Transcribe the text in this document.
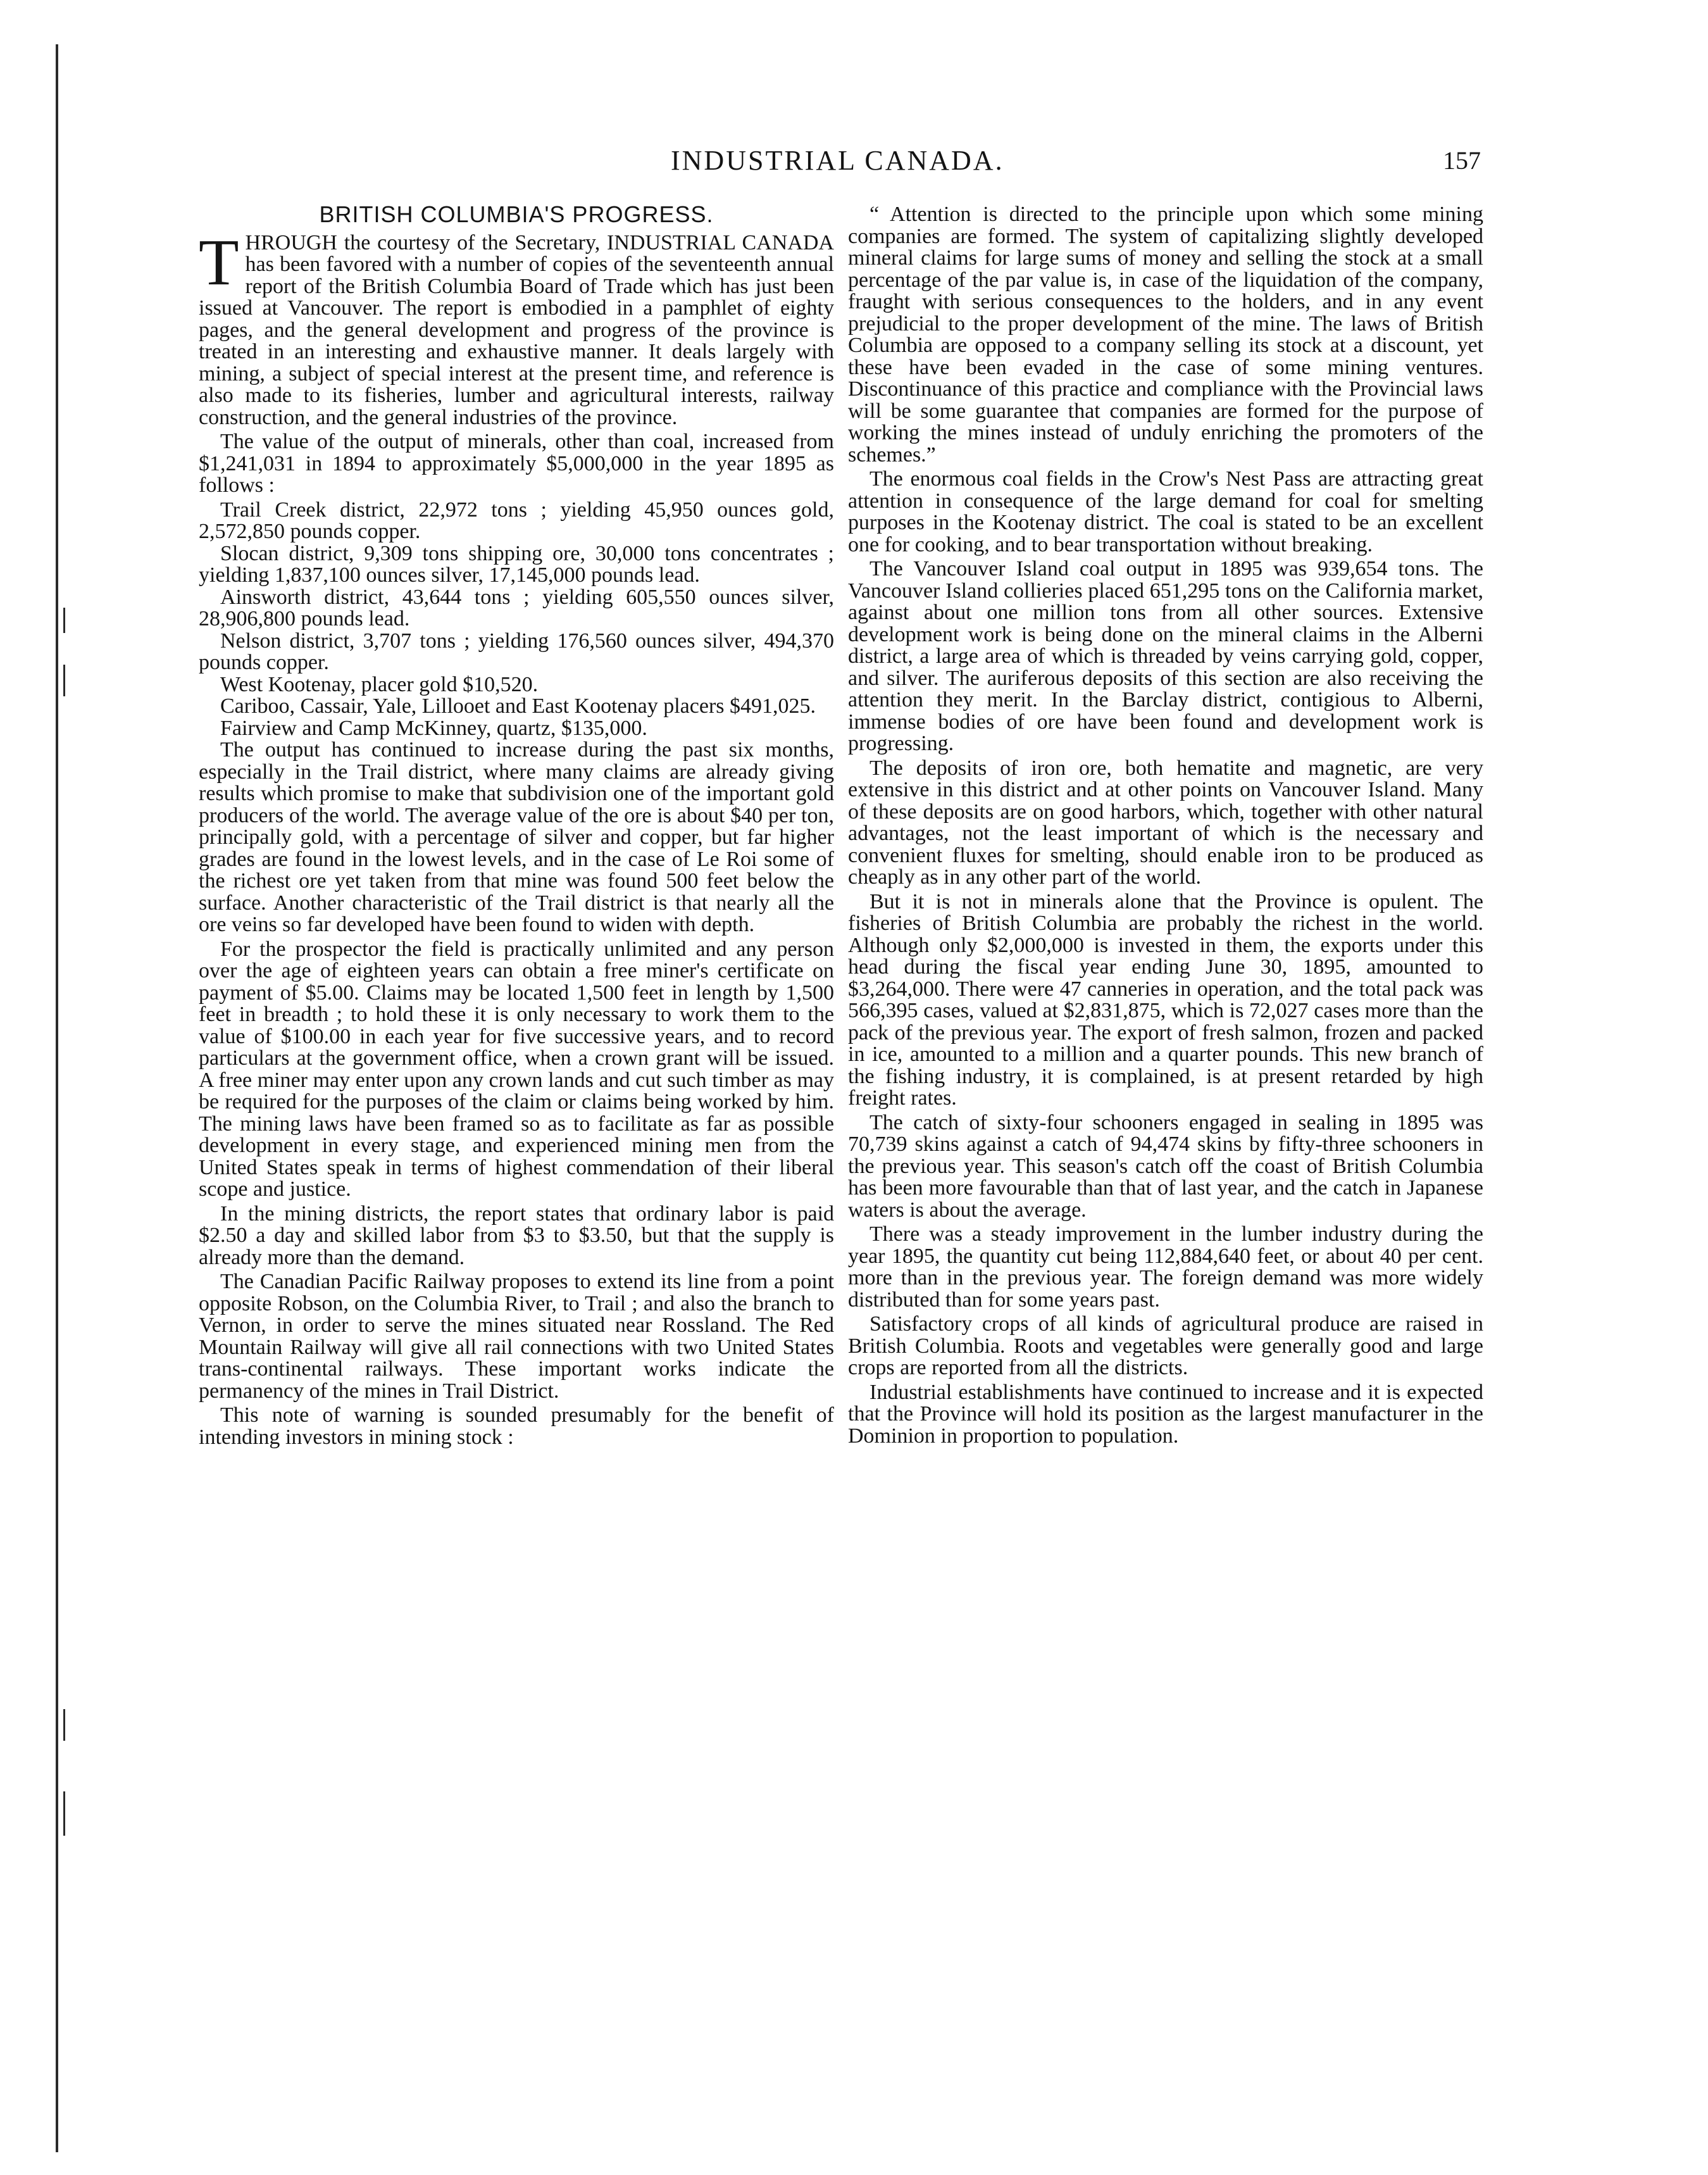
INDUSTRIAL CANADA.	157
BRITISH COLUMBIA'S PROGRESS.

THROUGH the courtesy of the Secretary, INDUSTRIAL CANADA has been favored with a number of copies of the seventeenth annual report of the British Columbia Board of Trade which has just been issued at Vancouver. The report is embodied in a pamphlet of eighty pages, and the general development and progress of the province is treated in an interesting and exhaustive manner. It deals largely with mining, a subject of special interest at the present time, and reference is also made to its fisheries, lumber and agricultural interests, railway construction, and the general industries of the province.

The value of the output of minerals, other than coal, increased from $1,241,031 in 1894 to approximately $5,000,000 in the year 1895 as follows :

Trail Creek district, 22,972 tons ; yielding 45,950 ounces gold, 2,572,850 pounds copper.

Slocan district, 9,309 tons shipping ore, 30,000 tons concentrates ; yielding 1,837,100 ounces silver, 17,145,000 pounds lead.

Ainsworth district, 43,644 tons ; yielding 605,550 ounces silver, 28,906,800 pounds lead.

Nelson district, 3,707 tons ; yielding 176,560 ounces silver, 494,370 pounds copper.

West Kootenay, placer gold $10,520.

Cariboo, Cassair, Yale, Lillooet and East Kootenay placers $491,025.

Fairview and Camp McKinney, quartz, $135,000.

The output has continued to increase during the past six months, especially in the Trail district, where many claims are already giving results which promise to make that subdivision one of the important gold producers of the world. The average value of the ore is about $40 per ton, principally gold, with a percentage of silver and copper, but far higher grades are found in the lowest levels, and in the case of Le Roi some of the richest ore yet taken from that mine was found 500 feet below the surface. Another characteristic of the Trail district is that nearly all the ore veins so far developed have been found to widen with depth.

For the prospector the field is practically unlimited and any person over the age of eighteen years can obtain a free miner's certificate on payment of $5.00. Claims may be located 1,500 feet in length by 1,500 feet in breadth ; to hold these it is only necessary to work them to the value of $100.00 in each year for five successive years, and to record particulars at the government office, when a crown grant will be issued. A free miner may enter upon any crown lands and cut such timber as may be required for the purposes of the claim or claims being worked by him. The mining laws have been framed so as to facilitate as far as possible development in every stage, and experienced mining men from the United States speak in terms of highest commendation of their liberal scope and justice.

In the mining districts, the report states that ordinary labor is paid $2.50 a day and skilled labor from $3 to $3.50, but that the supply is already more than the demand.

The Canadian Pacific Railway proposes to extend its line from a point opposite Robson, on the Columbia River, to Trail ; and also the branch to Vernon, in order to serve the mines situated near Rossland. The Red Mountain Railway will give all rail connections with two United States trans-continental railways. These important works indicate the permanency of the mines in Trail District.

This note of warning is sounded presumably for the benefit of intending investors in mining stock :

“ Attention is directed to the principle upon which some mining companies are formed. The system of capitalizing slightly developed mineral claims for large sums of money and selling the stock at a small percentage of the par value is, in case of the liquidation of the company, fraught with serious consequences to the holders, and in any event prejudicial to the proper development of the mine. The laws of British Columbia are opposed to a company selling its stock at a discount, yet these have been evaded in the case of some mining ventures. Discontinuance of this practice and compliance with the Provincial laws will be some guarantee that companies are formed for the purpose of working the mines instead of unduly enriching the promoters of the schemes.”

The enormous coal fields in the Crow's Nest Pass are attracting great attention in consequence of the large demand for coal for smelting purposes in the Kootenay district. The coal is stated to be an excellent one for cooking, and to bear transportation without breaking.

The Vancouver Island coal output in 1895 was 939,654 tons. The Vancouver Island collieries placed 651,295 tons on the California market, against about one million tons from all other sources. Extensive development work is being done on the mineral claims in the Alberni district, a large area of which is threaded by veins carrying gold, copper, and silver. The auriferous deposits of this section are also receiving the attention they merit. In the Barclay district, contigious to Alberni, immense bodies of ore have been found and development work is progressing.

The deposits of iron ore, both hematite and magnetic, are very extensive in this district and at other points on Vancouver Island. Many of these deposits are on good harbors, which, together with other natural advantages, not the least important of which is the necessary and convenient fluxes for smelting, should enable iron to be produced as cheaply as in any other part of the world.

But it is not in minerals alone that the Province is opulent. The fisheries of British Columbia are probably the richest in the world. Although only $2,000,000 is invested in them, the exports under this head during the fiscal year ending June 30, 1895, amounted to $3,264,000. There were 47 canneries in operation, and the total pack was 566,395 cases, valued at $2,831,875, which is 72,027 cases more than the pack of the previous year. The export of fresh salmon, frozen and packed in ice, amounted to a million and a quarter pounds. This new branch of the fishing industry, it is complained, is at present retarded by high freight rates.

The catch of sixty-four schooners engaged in sealing in 1895 was 70,739 skins against a catch of 94,474 skins by fifty-three schooners in the previous year. This season's catch off the coast of British Columbia has been more favourable than that of last year, and the catch in Japanese waters is about the average.

There was a steady improvement in the lumber industry during the year 1895, the quantity cut being 112,884,640 feet, or about 40 per cent. more than in the previous year. The foreign demand was more widely distributed than for some years past.

Satisfactory crops of all kinds of agricultural produce are raised in British Columbia. Roots and vegetables were generally good and large crops are reported from all the districts.

Industrial establishments have continued to increase and it is expected that the Province will hold its position as the largest manufacturer in the Dominion in proportion to population.
